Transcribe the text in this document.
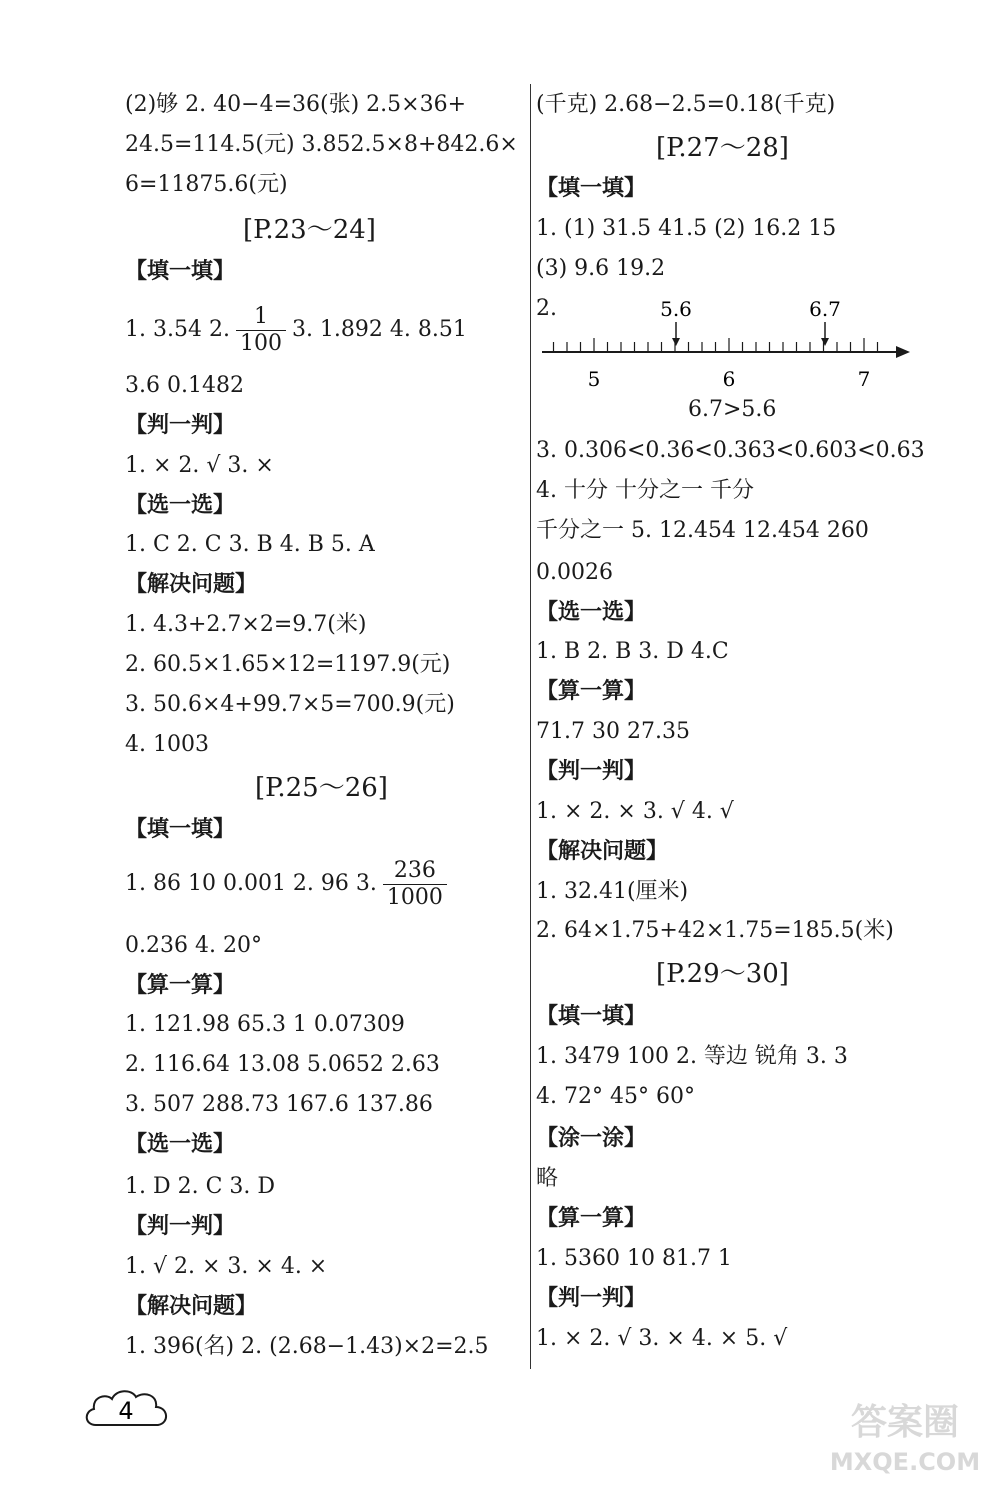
(2)够 2. 40−4=36(张) 2.5×36+
24.5=114.5(元) 3.852.5×8+842.6×
6=11875.6(元)
[P.23～24]
【填一填】
1. 3.54 2. $\frac{1}{100} 3$. 1.892 4. 8.51
3.6 0.1482
【判一判】
1. × 2. √ 3. ×
【选一选】
1. C 2. C 3. B 4. B 5. A
【解决问题】
1. 4.3+2.7×2=9.7(米)
2. 60.5×1.65×12=1197.9(元)
3. 50.6×4+99.7×5=700.9(元)
4. 1003
[P.25～26]
【填一填】
1. 86 10 0.001 2. 96 3. $\frac{236}{1000}$
0.236 4. 20°
【算一算】
1. 121.98 65.3 1 0.07309
2. 116.64 13.08 5.0652 2.63
3. 507 288.73 167.6 137.86
【选一选】
1. D 2. C 3. D
【判一判】
1. √ 2. × 3. × 4. ×
【解决问题】
1. 396(名) 2. (2.68−1.43)×2=2.5
(千克) 2.68−2.5=0.18(千克)
[P.27～28]
【填一填】
1. (1) 31.5 41.5 (2) 16.2 15
(3) 9.6 19.2
2.	5.6	6.7
5	6	7
6.7>5.6
3. 0.306<0.36<0.363<0.603<0.63
4. 十分 十分之一 千分
千分之一 5. 12.454 12.454 260
0.0026
【选一选】
1. B 2. B 3. D 4.C
【算一算】
71.7 30 27.35
【判一判】
1. × 2. × 3. √ 4. √
【解决问题】
1. 32.41(厘米)
2. 64×1.75+42×1.75=185.5(米)
[P.29～30]
【填一填】
1. 3479 100 2. 等边 锐角 3. 3
4. 72° 45° 60°
【涂一涂】
略
【算一算】
1. 5360 10 81.7 1
【判一判】
1. × 2. √ 3. × 4. × 5. √
4	答案圈
MXQE.COM
